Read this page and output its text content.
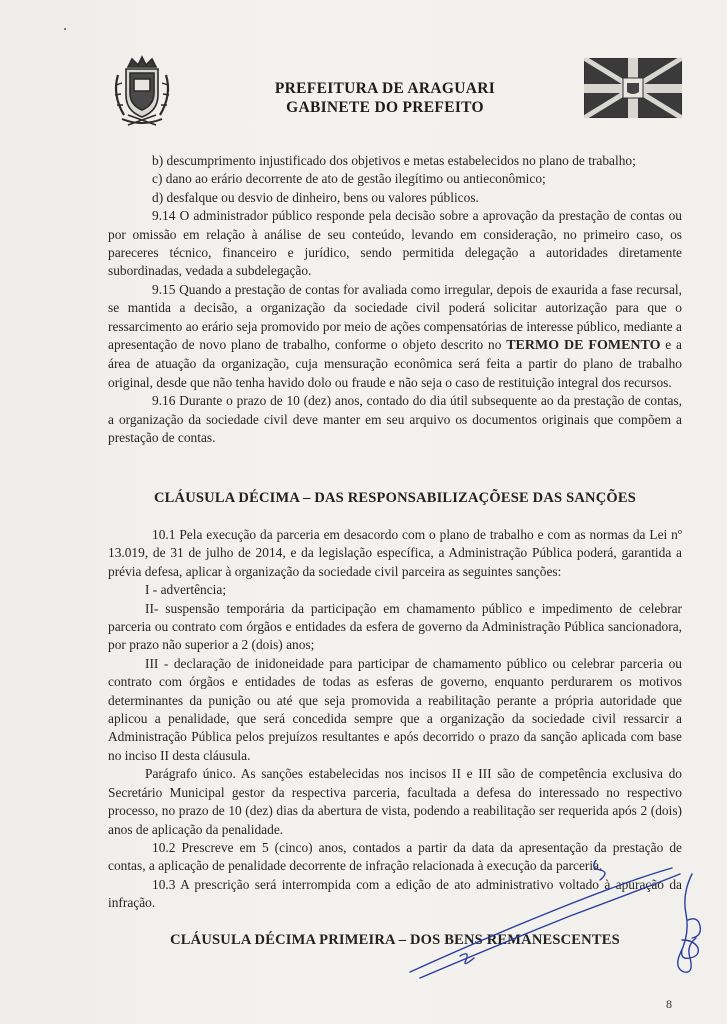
PREFEITURA DE ARAGUARI
GABINETE DO PREFEITO

b) descumprimento injustificado dos objetivos e metas estabelecidos no plano de trabalho;

c) dano ao erário decorrente de ato de gestão ilegítimo ou antieconômico;

d) desfalque ou desvio de dinheiro, bens ou valores públicos.

9.14 O administrador público responde pela decisão sobre a aprovação da prestação de contas ou por omissão em relação à análise de seu conteúdo, levando em consideração, no primeiro caso, os pareceres técnico, financeiro e jurídico, sendo permitida delegação a autoridades diretamente subordinadas, vedada a subdelegação.

9.15 Quando a prestação de contas for avaliada como irregular, depois de exaurida a fase recursal, se mantida a decisão, a organização da sociedade civil poderá solicitar autorização para que o ressarcimento ao erário seja promovido por meio de ações compensatórias de interesse público, mediante a apresentação de novo plano de trabalho, conforme o objeto descrito no TERMO DE FOMENTO e a área de atuação da organização, cuja mensuração econômica será feita a partir do plano de trabalho original, desde que não tenha havido dolo ou fraude e não seja o caso de restituição integral dos recursos.

9.16 Durante o prazo de 10 (dez) anos, contado do dia útil subsequente ao da prestação de contas, a organização da sociedade civil deve manter em seu arquivo os documentos originais que compõem a prestação de contas.

CLÁUSULA DÉCIMA – DAS RESPONSABILIZAÇÕESE DAS SANÇÕES

10.1 Pela execução da parceria em desacordo com o plano de trabalho e com as normas da Lei nº 13.019, de 31 de julho de 2014, e da legislação específica, a Administração Pública poderá, garantida a prévia defesa, aplicar à organização da sociedade civil parceira as seguintes sanções:

I - advertência;

II- suspensão temporária da participação em chamamento público e impedimento de celebrar parceria ou contrato com órgãos e entidades da esfera de governo da Administração Pública sancionadora, por prazo não superior a 2 (dois) anos;

III - declaração de inidoneidade para participar de chamamento público ou celebrar parceria ou contrato com órgãos e entidades de todas as esferas de governo, enquanto perdurarem os motivos determinantes da punição ou até que seja promovida a reabilitação perante a própria autoridade que aplicou a penalidade, que será concedida sempre que a organização da sociedade civil ressarcir a Administração Pública pelos prejuízos resultantes e após decorrido o prazo da sanção aplicada com base no inciso II desta cláusula.

Parágrafo único. As sanções estabelecidas nos incisos II e III são de competência exclusiva do Secretário Municipal gestor da respectiva parceria, facultada a defesa do interessado no respectivo processo, no prazo de 10 (dez) dias da abertura de vista, podendo a reabilitação ser requerida após 2 (dois) anos de aplicação da penalidade.

10.2 Prescreve em 5 (cinco) anos, contados a partir da data da apresentação da prestação de contas, a aplicação de penalidade decorrente de infração relacionada à execução da parceria.

10.3 A prescrição será interrompida com a edição de ato administrativo voltado à apuração da infração.

CLÁUSULA DÉCIMA PRIMEIRA – DOS BENS REMANESCENTES
8
